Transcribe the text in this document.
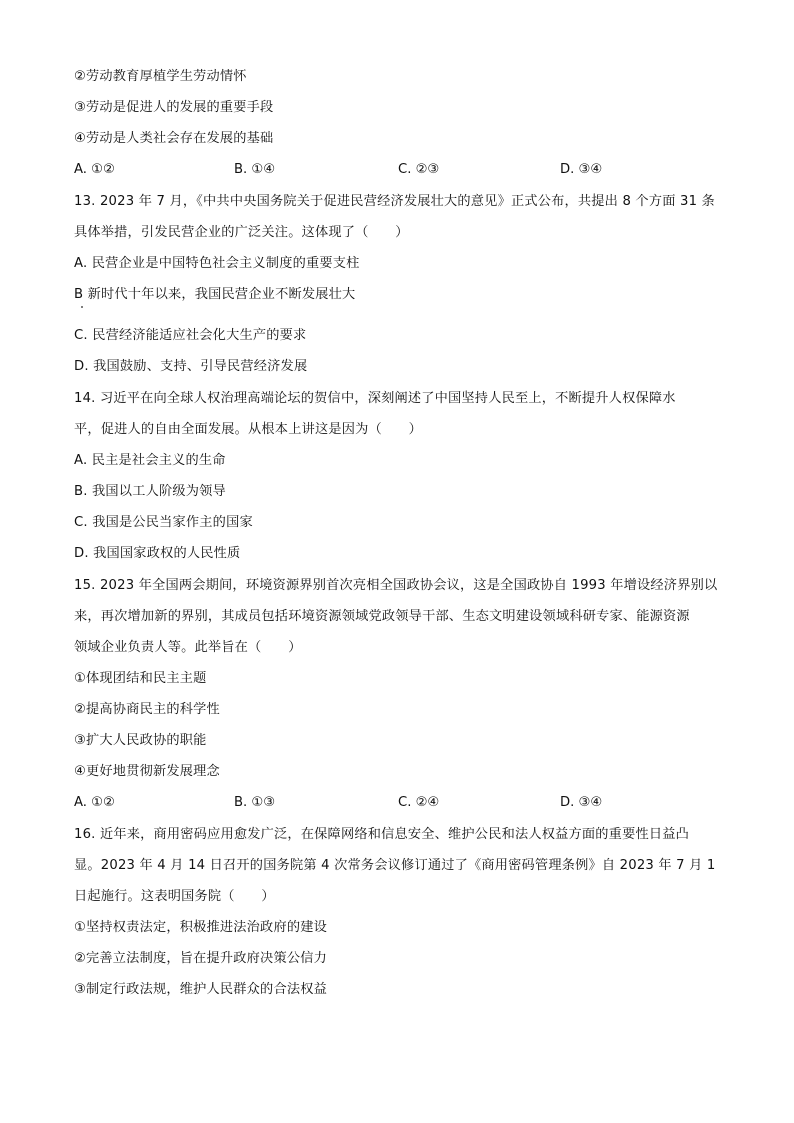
②劳动教育厚植学生劳动情怀
③劳动是促进人的发展的重要手段
④劳动是人类社会存在发展的基础
A. ①②	B. ①④	C. ②③	D. ③④
13. 2023 年 7 月，《中共中央国务院关于促进民营经济发展壮大的意见》正式公布，共提出 8 个方面 31 条
具体举措，引发民营企业的广泛关注。这体现了（　　）
A. 民营企业是中国特色社会主义制度的重要支柱
B 新时代十年以来，我国民营企业不断发展壮大
C. 民营经济能适应社会化大生产的要求
D. 我国鼓励、支持、引导民营经济发展
14. 习近平在向全球人权治理高端论坛的贺信中，深刻阐述了中国坚持人民至上，不断提升人权保障水
平，促进人的自由全面发展。从根本上讲这是因为（　　）
A. 民主是社会主义的生命
B. 我国以工人阶级为领导
C. 我国是公民当家作主的国家
D. 我国国家政权的人民性质
15. 2023 年全国两会期间，环境资源界别首次亮相全国政协会议，这是全国政协自 1993 年增设经济界别以
来，再次增加新的界别，其成员包括环境资源领域党政领导干部、生态文明建设领域科研专家、能源资源
领域企业负责人等。此举旨在（　　）
①体现团结和民主主题
②提高协商民主的科学性
③扩大人民政协的职能
④更好地贯彻新发展理念
A. ①②	B. ①③	C. ②④	D. ③④
16. 近年来，商用密码应用愈发广泛，在保障网络和信息安全、维护公民和法人权益方面的重要性日益凸
显。2023 年 4 月 14 日召开的国务院第 4 次常务会议修订通过了《商用密码管理条例》自 2023 年 7 月 1
日起施行。这表明国务院（　　）
①坚持权责法定，积极推进法治政府的建设
②完善立法制度，旨在提升政府决策公信力
③制定行政法规，维护人民群众的合法权益
